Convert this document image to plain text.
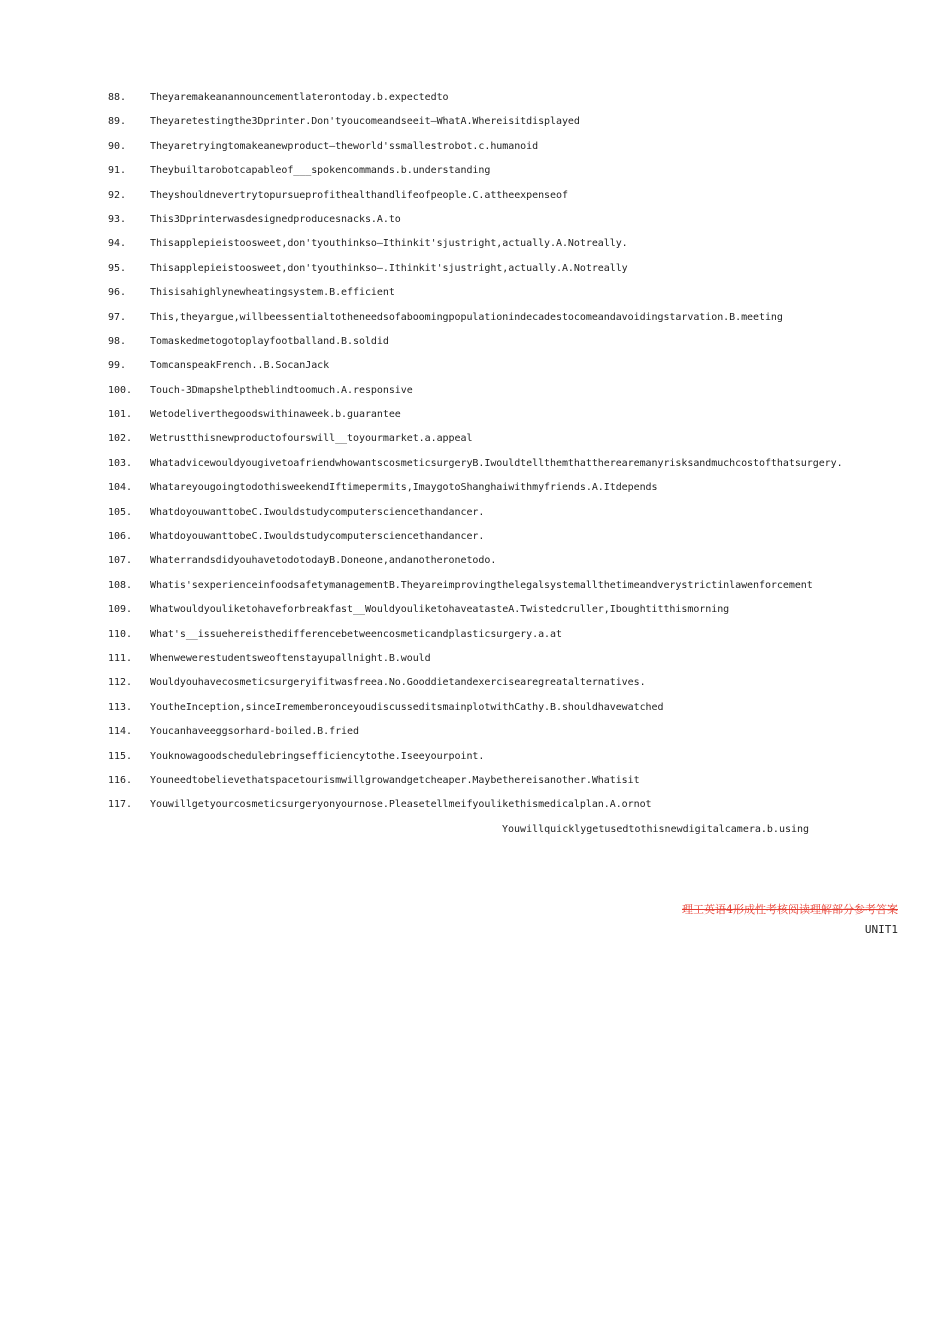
88.	Theyaremakeanannouncementlaterontoday.b.expectedto
89.	Theyaretestingthe3Dprinter.Don'tyoucomeandseeit—WhatA.Whereisitdisplayed
90.	Theyaretryingtomakeanewproduct—theworld'ssmallestrobot.c.humanoid
91.	Theybuiltarobotcapableof___spokencommands.b.understanding
92.	Theyshouldnevertrytopursueprofithealthandlifeofpeople.C.attheexpenseof
93.	This3Dprinterwasdesignedproducesnacks.A.to
94.	Thisapplepieistoosweet,don'tyouthinkso—Ithinkit'sjustright,actually.A.Notreally.
95.	Thisapplepieistoosweet,don'tyouthinkso—.Ithinkit'sjustright,actually.A.Notreally
96.	Thisisahighlynewheatingsystem.B.efficient
97.	This,theyargue,willbeessentialtotheneedsofaboomingpopulationindecadestocomeandavoidingstarvation.B.meeting
98.	Tomaskedmetogotoplayfootballand.B.soldid
99.	TomcanspeakFrench..B.SocanJack
100.	Touch-3Dmapshelptheblindtoomuch.A.responsive
101.	Wetodeliverthegoodswithinaweek.b.guarantee
102.	Wetrustthisnewproductofourswill__toyourmarket.a.appeal
103.	WhatadvicewouldyougivetoafriendwhowantscosmeticsurgeryB.Iwouldtellthemthattherearemanyrisksandmuchcostofthatsurgery.
104.	WhatareyougoingtodothisweekendIftimepermits,ImaygotoShanghaiwithmyfriends.A.Itdepends
105.	WhatdoyouwanttobeC.Iwouldstudycomputersciencethandancer.
106.	WhatdoyouwanttobeC.Iwouldstudycomputersciencethandancer.
107.	WhaterrandsdidyouhavetodotodayB.Doneone,andanotheronetodo.
108.	Whatis'sexperienceinfoodsafetymanagementB.Theyareimprovingthelegalsystemallthetimeandverystrictinlawenforcement
109.	Whatwouldyouliketohaveforbreakfast__WouldyouliketohaveatasteA.Twistedcruller,Iboughtitthismorning
110.	What's__issuehereisthedifferencebetweencosmeticandplasticsurgery.a.at
111.	Whenwewerestudentsweoftenstayupallnight.B.would
112.	Wouldyouhavecosmeticsurgeryifitwasfreea.No.Gooddietandexercisearegreatalternatives.
113.	YoutheInception,sinceIrememberonceyoudiscusseditsmainplotwithCathy.B.shouldhavewatched
114.	Youcanhaveeggsorhard-boiled.B.fried
115.	Youknowagoodschedulebringsefficiencytothe.Iseeyourpoint.
116.	Youneedtobelievethatspacetourismwillgrowandgetcheaper.Maybethereisanother.Whatisit
117.	Youwillgetyourcosmeticsurgeryonyournose.Pleasetellmeifyoulikethismedicalplan.A.ornot
Youwillquicklygetusedtothisnewdigitalcamera.b.using
理工英语4形成性考核阅读理解部分参考答案
UNIT1
